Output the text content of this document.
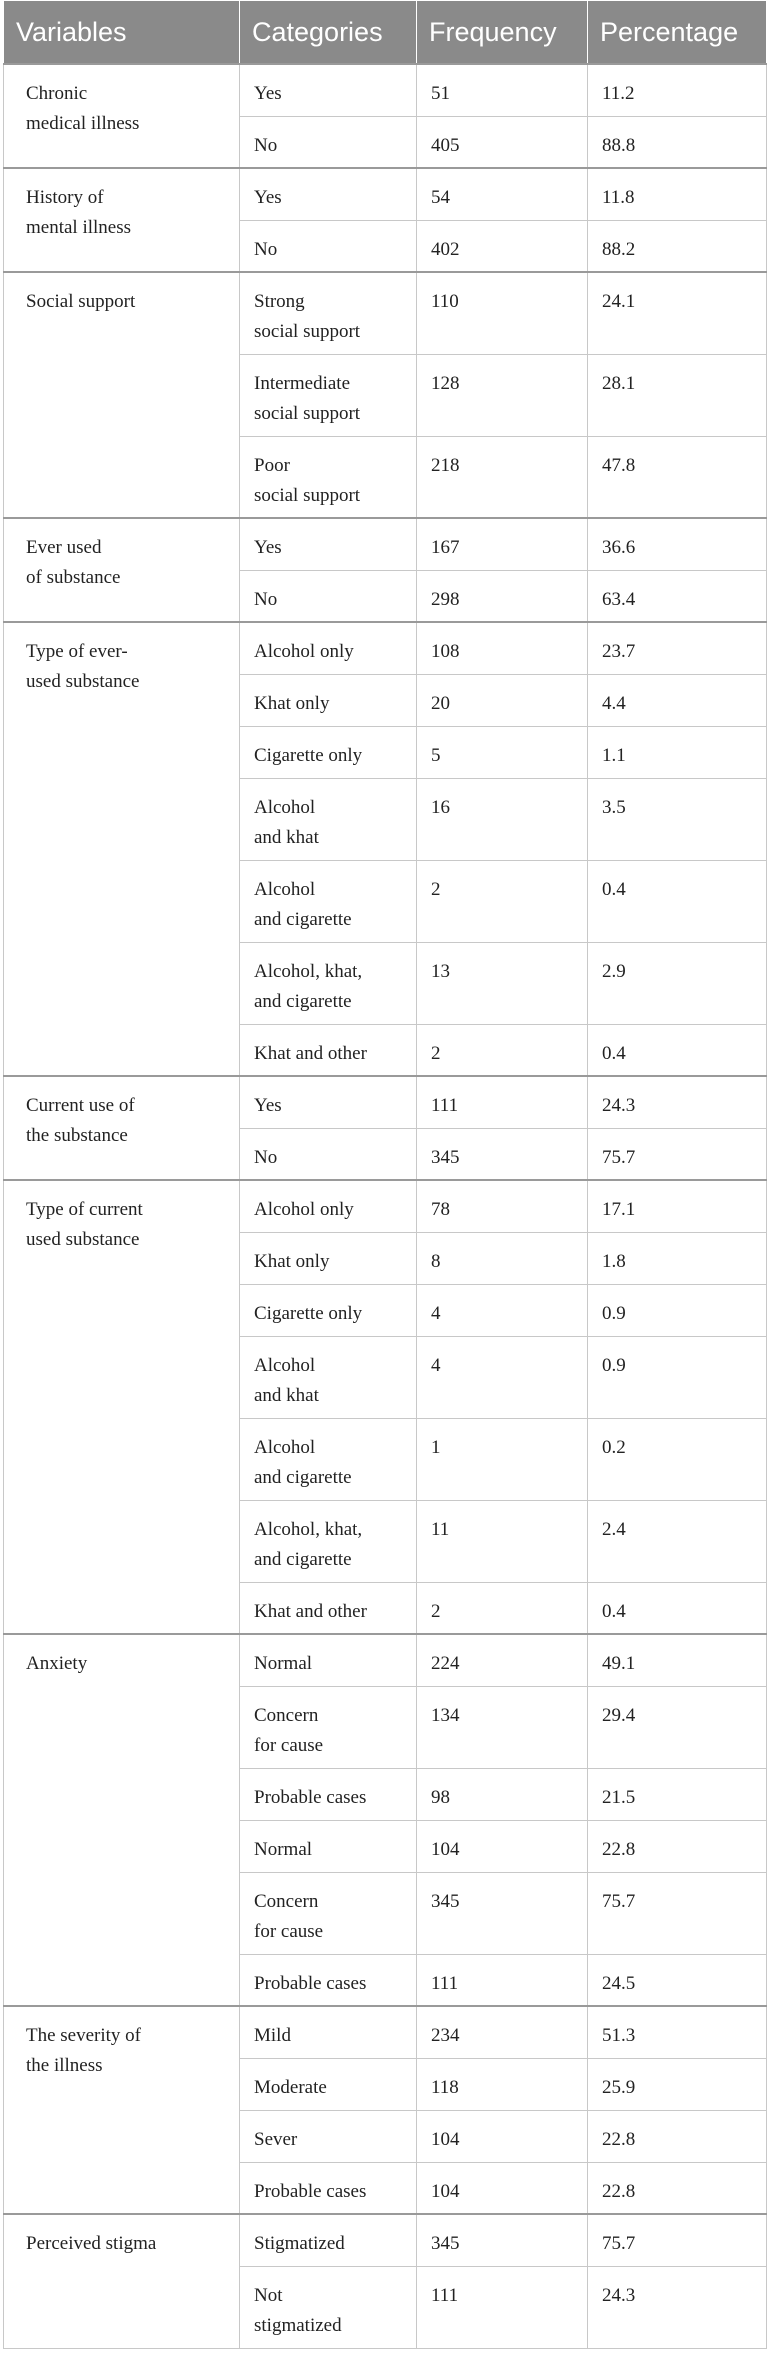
Variables	Categories	Frequency	Percentage
Chronic
medical illness	Yes	51	11.2
	No	405	88.8
History of
mental illness	Yes	54	11.8
	No	402	88.2
Social support	Strong
social support	110	24.1
	Intermediate
social support	128	28.1
	Poor
social support	218	47.8
Ever used
of substance	Yes	167	36.6
	No	298	63.4
Type of ever-
used substance	Alcohol only	108	23.7
	Khat only	20	4.4
	Cigarette only	5	1.1
	Alcohol
and khat	16	3.5
	Alcohol
and cigarette	2	0.4
	Alcohol, khat,
and cigarette	13	2.9
	Khat and other	2	0.4
Current use of
the substance	Yes	111	24.3
	No	345	75.7
Type of current
used substance	Alcohol only	78	17.1
	Khat only	8	1.8
	Cigarette only	4	0.9
	Alcohol
and khat	4	0.9
	Alcohol
and cigarette	1	0.2
	Alcohol, khat,
and cigarette	11	2.4
	Khat and other	2	0.4
Anxiety	Normal	224	49.1
	Concern
for cause	134	29.4
	Probable cases	98	21.5
	Normal	104	22.8
	Concern
for cause	345	75.7
	Probable cases	111	24.5
The severity of
the illness	Mild	234	51.3
	Moderate	118	25.9
	Sever	104	22.8
	Probable cases	104	22.8
Perceived stigma	Stigmatized	345	75.7
	Not
stigmatized	111	24.3
